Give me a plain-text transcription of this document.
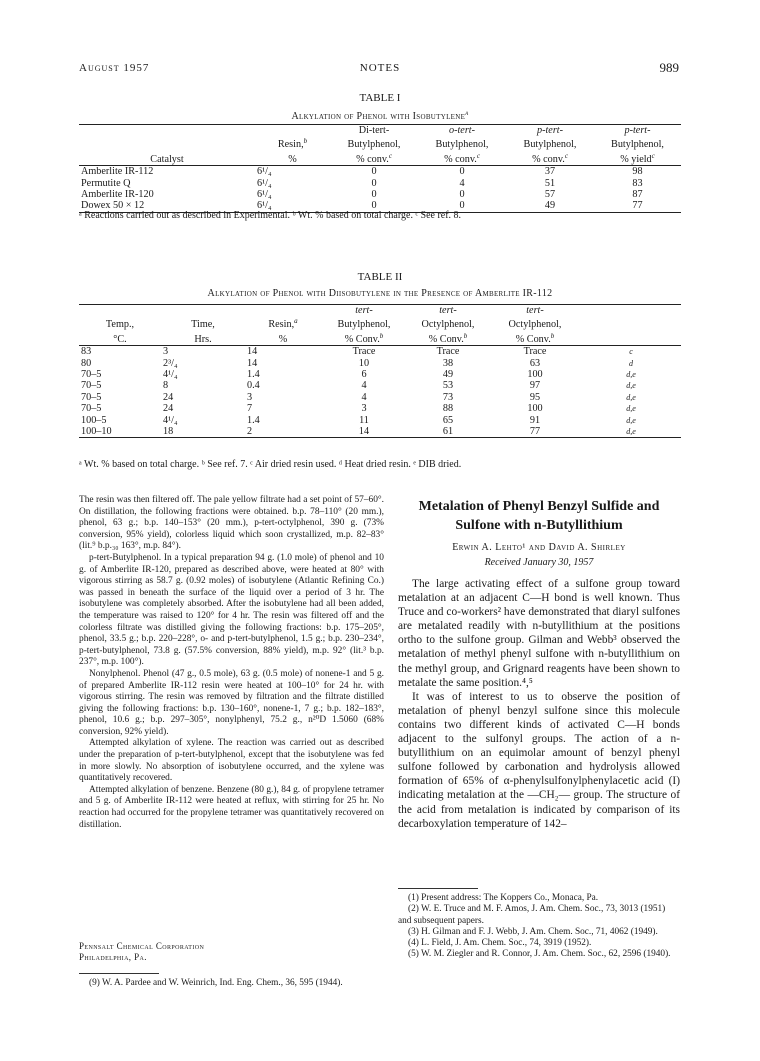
August 1957	NOTES	989
TABLE I
Alkylation of Phenol with Isobutylene$^a$
		Di-tert-	o-tert-	p-tert-	p-tert-
	Resin,$^b$	Butylphenol,	Butylphenol,	Butylphenol,	Butylphenol,
Catalyst	%	% conv.$^c$	% conv.$^c$	% conv.$^c$	% yield$^c$
Amberlite IR-112	6¹/₄	0	0	37	98
Permutite Q	6¹/₄	0	4	51	83
Amberlite IR-120	6¹/₄	0	0	57	87
Dowex 50 × 12	6¹/₄	0	0	49	77
ᵃ Reactions carried out as described in Experimental. ᵇ Wt. % based on total charge. ᶜ See ref. 8.
TABLE II
Alkylation of Phenol with Diisobutylene in the Presence of Amberlite IR-112
			tert-	tert-	tert-	
Temp.,	Time,	Resin,$^a$	Butylphenol,	Octylphenol,	Octylphenol,	
°C.	Hrs.	%	% Conv.$^b$	% Conv.$^b$	% Conv.$^b$	
83	3	14	Trace	Trace	Trace	c
80	2³/₄	14	10	38	63	d
70–5	4¹/₄	1.4	6	49	100	d,e
70–5	8	0.4	4	53	97	d,e
70–5	24	3	4	73	95	d,e
70–5	24	7	3	88	100	d,e
100–5	4¹/₄	1.4	11	65	91	d,e
100–10	18	2	14	61	77	d,e
ᵃ Wt. % based on total charge. ᵇ See ref. 7. ᶜ Air dried resin used. ᵈ Heat dried resin. ᵉ DIB dried.

The resin was then filtered off. The pale yellow filtrate had a set point of 57–60°. On distillation, the following fractions were obtained. b.p. 78–110° (20 mm.), phenol, 63 g.; b.p. 140–153° (20 mm.), p-tert-octylphenol, 390 g. (73% conversion, 95% yield), colorless liquid which soon crystallized, m.p. 82–83° (lit.⁹ b.p.₃₀ 163°, m.p. 84°).

p-tert-Butylphenol. In a typical preparation 94 g. (1.0 mole) of phenol and 10 g. of Amberlite IR-120, prepared as described above, were heated at 80° with vigorous stirring as 58.7 g. (0.92 moles) of isobutylene (Atlantic Refining Co.) was passed in beneath the surface of the liquid over a period of 3 hr. The isobutylene was completely absorbed. After the isobutylene had all been added, the temperature was raised to 120° for 4 hr. The resin was filtered off and the colorless filtrate was distilled giving the following fractions: b.p. 175–205°, phenol, 33.5 g.; b.p. 220–228°, o- and p-tert-butylphenol, 1.5 g.; b.p. 230–234°, p-tert-butylphenol, 73.8 g. (57.5% conversion, 88% yield), m.p. 92° (lit.³ b.p. 237°, m.p. 100°).

Nonylphenol. Phenol (47 g., 0.5 mole), 63 g. (0.5 mole) of nonene-1 and 5 g. of prepared Amberlite IR-112 resin were heated at 100–10° for 24 hr. with vigorous stirring. The resin was removed by filtration and the filtrate distilled giving the following fractions: b.p. 130–160°, nonene-1, 7 g.; b.p. 182–183°, phenol, 10.6 g.; b.p. 297–305°, nonylphenyl, 75.2 g., n²⁰D 1.5060 (68% conversion, 92% yield).

Attempted alkylation of xylene. The reaction was carried out as described under the preparation of p-tert-butylphenol, except that the isobutylene was fed in more slowly. No absorption of isobutylene occurred, and the xylene was quantitatively recovered.

Attempted alkylation of benzene. Benzene (80 g.), 84 g. of propylene tetramer and 5 g. of Amberlite IR-112 were heated at reflux, with stirring for 25 hr. No reaction had occurred for the propylene tetramer was quantitatively recovered on distillation.

Pennsalt Chemical Corporation
Philadelphia, Pa.

(9) W. A. Pardee and W. Weinrich, Ind. Eng. Chem., 36, 595 (1944).

Metalation of Phenyl Benzyl Sulfide and
Sulfone with n-Butyllithium
Erwin A. Lehto¹ and David A. Shirley
Received January 30, 1957

The large activating effect of a sulfone group toward metalation at an adjacent C—H bond is well known. Thus Truce and co-workers² have demonstrated that diaryl sulfones are metalated readily with n-butyllithium at the positions ortho to the sulfone group. Gilman and Webb³ observed the metalation of methyl phenyl sulfone with n-butyllithium on the methyl group, and Grignard reagents have been shown to metalate the same position.⁴,⁵

It was of interest to us to observe the position of metalation of phenyl benzyl sulfone since this molecule contains two different kinds of activated C—H bonds adjacent to the sulfonyl groups. The action of a n-butyllithium on an equimolar amount of benzyl phenyl sulfone followed by carbonation and hydrolysis allowed formation of 65% of α-phenylsulfonylphenylacetic acid (I) indicating metalation at the —CH₂— group. The structure of the acid from metalation is indicated by comparison of its decarboxylation temperature of 142–

(1) Present address: The Koppers Co., Monaca, Pa.

(2) W. E. Truce and M. F. Amos, J. Am. Chem. Soc., 73, 3013 (1951) and subsequent papers.

(3) H. Gilman and F. J. Webb, J. Am. Chem. Soc., 71, 4062 (1949).

(4) L. Field, J. Am. Chem. Soc., 74, 3919 (1952).

(5) W. M. Ziegler and R. Connor, J. Am. Chem. Soc., 62, 2596 (1940).
